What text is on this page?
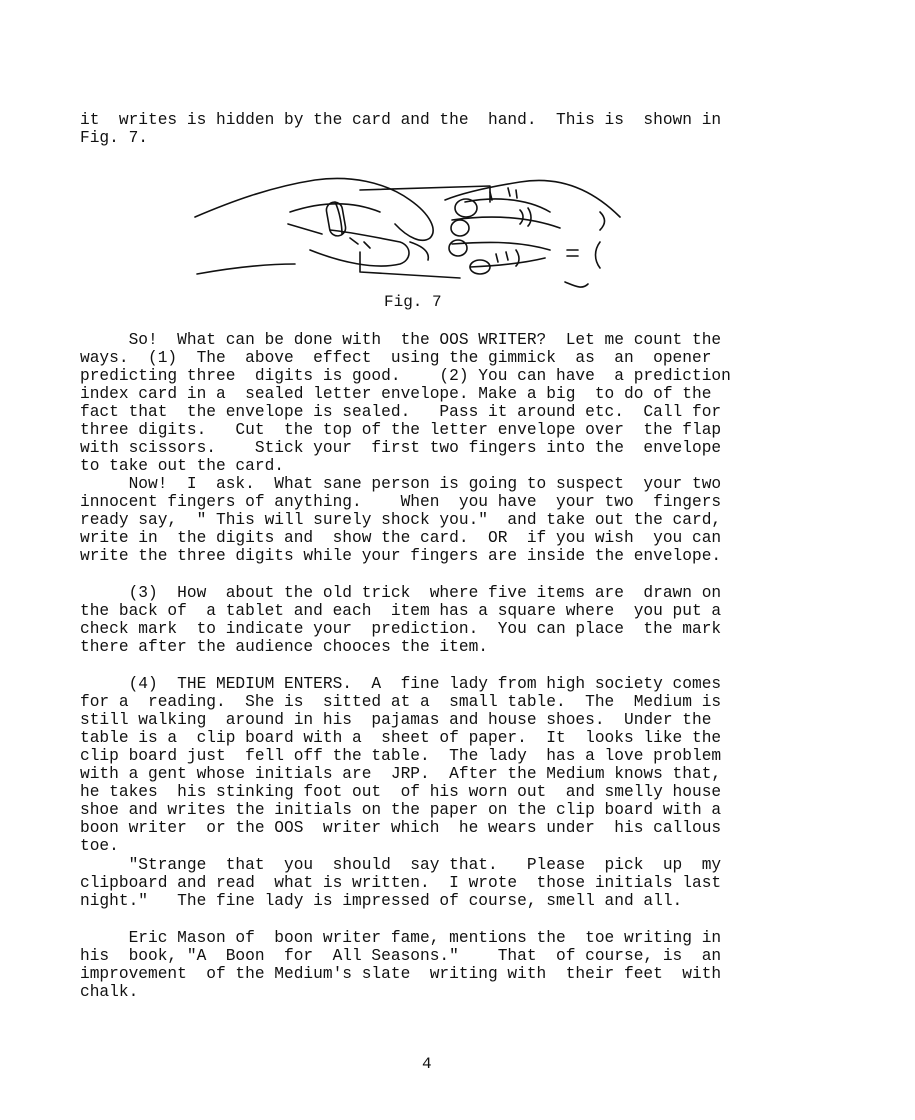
it  writes is hidden by the card and the  hand.  This is  shown in
Fig. 7.
Fig. 7
So!  What can be done with  the OOS WRITER?  Let me count the
ways.  (1)  The  above  effect  using the gimmick  as  an  opener
predicting three  digits is good.    (2) You can have  a prediction
index card in a  sealed letter envelope. Make a big  to do of the
fact that  the envelope is sealed.   Pass it around etc.  Call for
three digits.   Cut  the top of the letter envelope over  the flap
with scissors.    Stick your  first two fingers into the  envelope
to take out the card.
Now!  I  ask.  What sane person is going to suspect  your two
innocent fingers of anything.    When  you have  your two  fingers
ready say,  " This will surely shock you."  and take out the card,
write in  the digits and  show the card.  OR  if you wish  you can
write the three digits while your fingers are inside the envelope.
(3)  How  about the old trick  where five items are  drawn on
the back of  a tablet and each  item has a square where  you put a
check mark  to indicate your  prediction.  You can place  the mark
there after the audience chooces the item.
(4)  THE MEDIUM ENTERS.  A  fine lady from high society comes
for a  reading.  She is  sitted at a  small table.  The  Medium is
still walking  around in his  pajamas and house shoes.  Under the
table is a  clip board with a  sheet of paper.  It  looks like the
clip board just  fell off the table.  The lady  has a love problem
with a gent whose initials are  JRP.  After the Medium knows that,
he takes  his stinking foot out  of his worn out  and smelly house
shoe and writes the initials on the paper on the clip board with a
boon writer  or the OOS  writer which  he wears under  his callous
toe.
"Strange  that  you  should  say that.   Please  pick  up  my
clipboard and read  what is written.  I wrote  those initials last
night."   The fine lady is impressed of course, smell and all.
Eric Mason of  boon writer fame, mentions the  toe writing in
his  book, "A  Boon  for  All Seasons."    That  of course, is  an
improvement  of the Medium's slate  writing with  their feet  with
chalk.
4
